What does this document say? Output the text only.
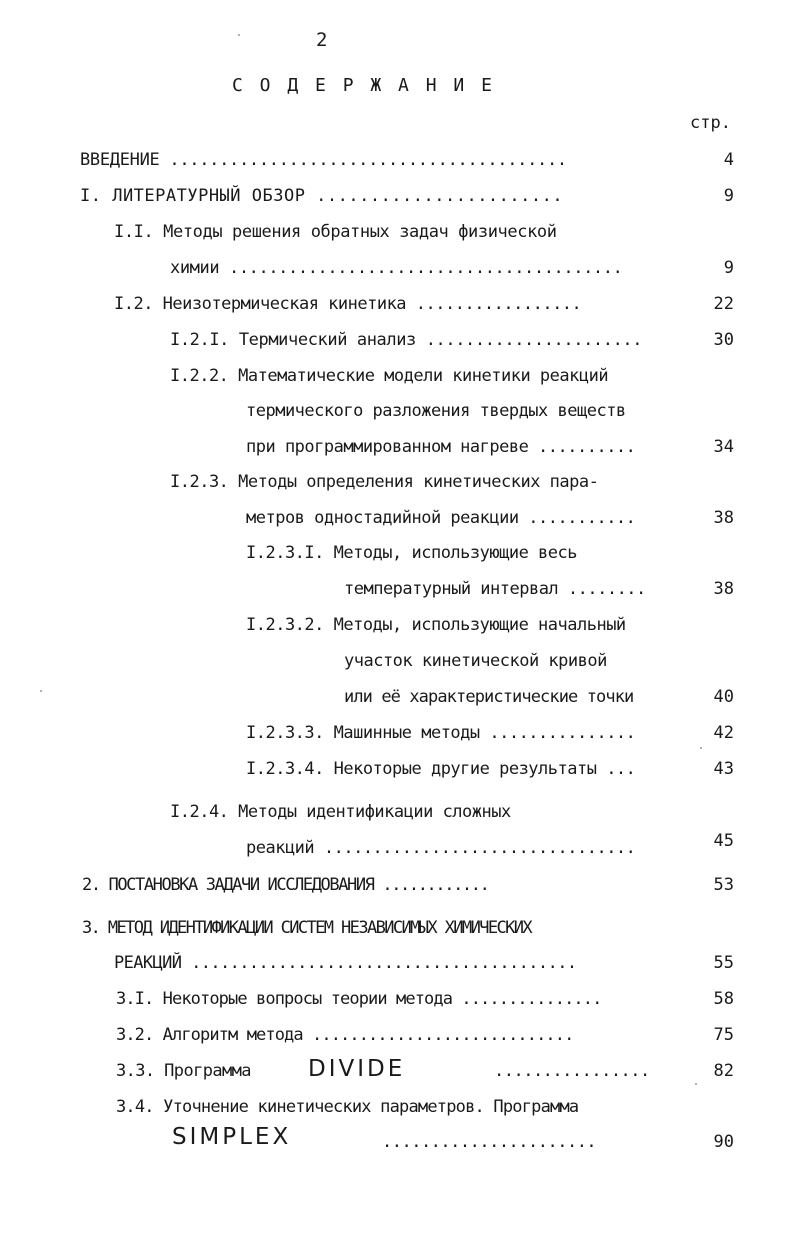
2
С О Д Е Р Ж А Н И Е
стр.
ВВЕДЕНИЕ ........................................	4
I. ЛИТЕРАТУРНЫЙ ОБЗОР .......................	9
I.I. Методы решения обратных задач физической
химии ........................................	9
I.2. Неизотермическая кинетика .................	22
I.2.I. Термический анализ ......................	30
I.2.2. Математические модели кинетики реакций
термического разложения твердых веществ
при программированном нагреве ..........	34
I.2.3. Методы определения кинетических пара-
метров одностадийной реакции ...........	38
I.2.3.I. Методы, использующие весь
температурный интервал ........	38
I.2.3.2. Методы, использующие начальный
участок кинетической кривой
или её характеристические точки	40
I.2.3.3. Машинные методы ...............	42
I.2.3.4. Некоторые другие результаты ...	43
I.2.4. Методы идентификации сложных
реакций ................................	45
2. ПОСТАНОВКА ЗАДАЧИ ИССЛЕДОВАНИЯ ............	53
3. МЕТОД ИДЕНТИФИКАЦИИ СИСТЕМ НЕЗАВИСИМЫХ ХИМИЧЕСКИХ
РЕАКЦИЙ ........................................	55
3.I. Некоторые вопросы теории метода ...............	58
3.2. Алгоритм метода ............................	75
3.3. Программа DIVIDE	................	82
3.4. Уточнение кинетических параметров. Программа
SIMPLEX	......................	90
